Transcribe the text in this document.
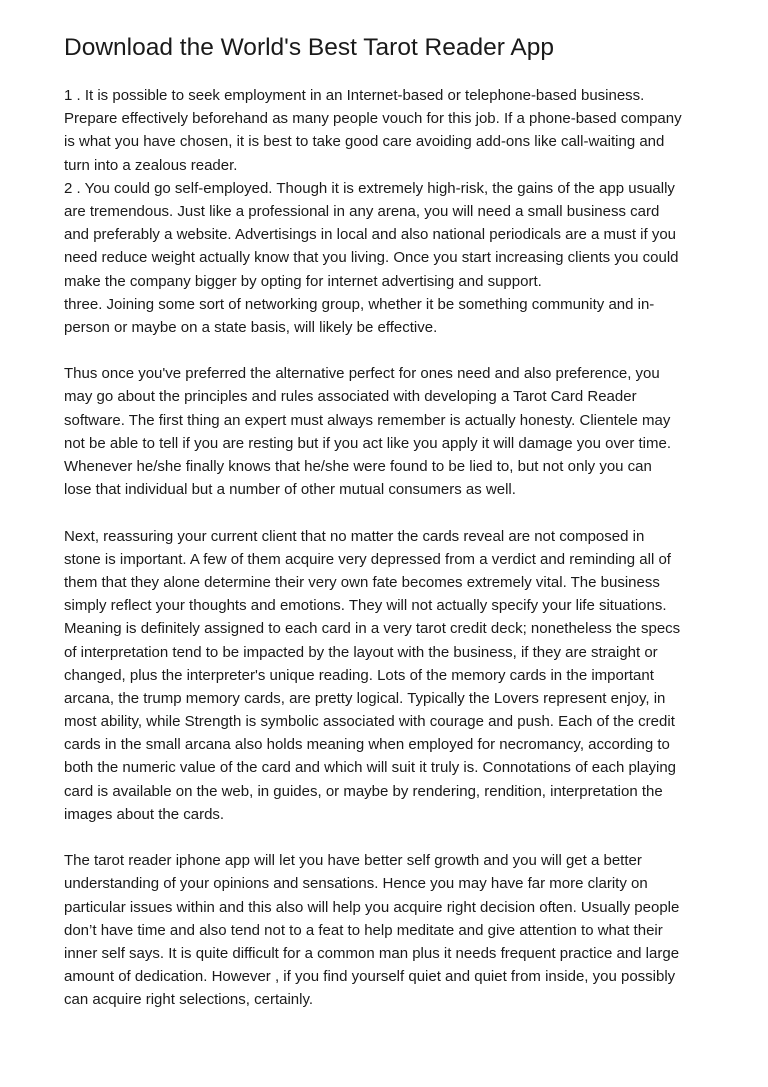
Download the World's Best Tarot Reader App
1 . It is possible to seek employment in an Internet-based or telephone-based business.
Prepare effectively beforehand as many people vouch for this job. If a phone-based company
is what you have chosen, it is best to take good care avoiding add-ons like call-waiting and
turn into a zealous reader.
2 . You could go self-employed. Though it is extremely high-risk, the gains of the app usually
are tremendous. Just like a professional in any arena, you will need a small business card
and preferably a website. Advertisings in local and also national periodicals are a must if you
need reduce weight actually know that you living. Once you start increasing clients you could
make the company bigger by opting for internet advertising and support.
three. Joining some sort of networking group, whether it be something community and in-
person or maybe on a state basis, will likely be effective.
Thus once you've preferred the alternative perfect for ones need and also preference, you
may go about the principles and rules associated with developing a Tarot Card Reader
software. The first thing an expert must always remember is actually honesty. Clientele may
not be able to tell if you are resting but if you act like you apply it will damage you over time.
Whenever he/she finally knows that he/she were found to be lied to, but not only you can
lose that individual but a number of other mutual consumers as well.
Next, reassuring your current client that no matter the cards reveal are not composed in
stone is important. A few of them acquire very depressed from a verdict and reminding all of
them that they alone determine their very own fate becomes extremely vital. The business
simply reflect your thoughts and emotions. They will not actually specify your life situations.
Meaning is definitely assigned to each card in a very tarot credit deck; nonetheless the specs
of interpretation tend to be impacted by the layout with the business, if they are straight or
changed, plus the interpreter's unique reading. Lots of the memory cards in the important
arcana, the trump memory cards, are pretty logical. Typically the Lovers represent enjoy, in
most ability, while Strength is symbolic associated with courage and push. Each of the credit
cards in the small arcana also holds meaning when employed for necromancy, according to
both the numeric value of the card and which will suit it truly is. Connotations of each playing
card is available on the web, in guides, or maybe by rendering, rendition, interpretation the
images about the cards.
The tarot reader iphone app will let you have better self growth and you will get a better
understanding of your opinions and sensations. Hence you may have far more clarity on
particular issues within and this also will help you acquire right decision often. Usually people
don’t have time and also tend not to a feat to help meditate and give attention to what their
inner self says. It is quite difficult for a common man plus it needs frequent practice and large
amount of dedication. However , if you find yourself quiet and quiet from inside, you possibly
can acquire right selections, certainly.
